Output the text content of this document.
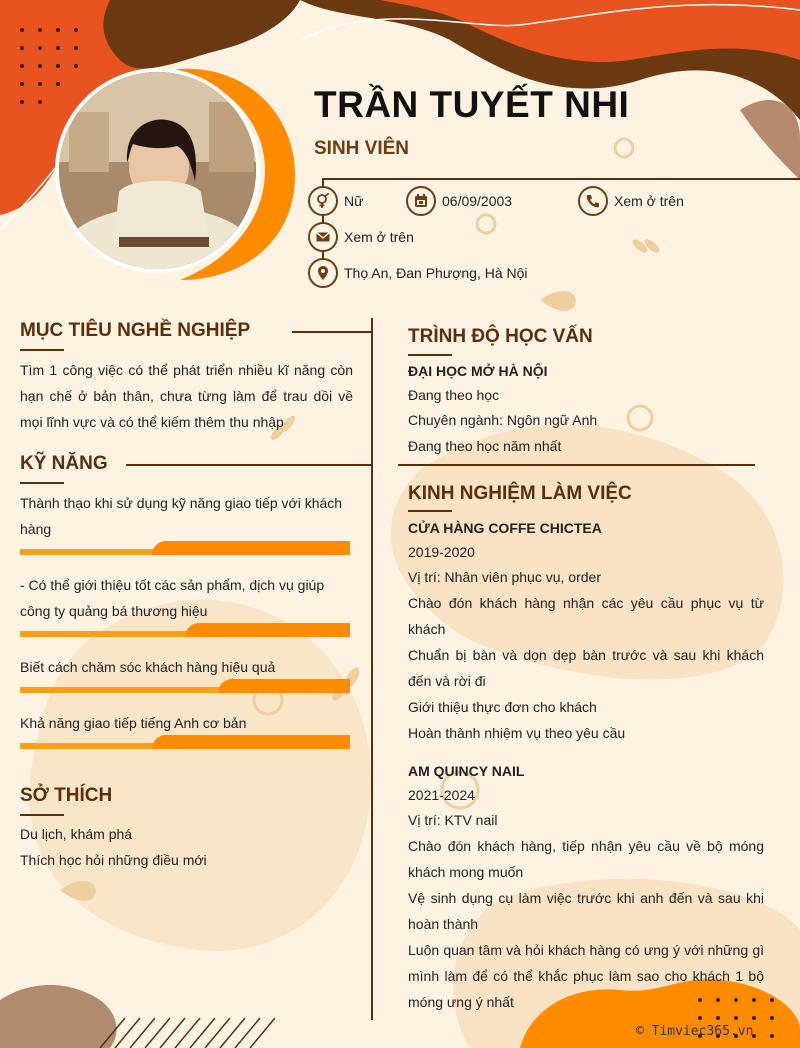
TRẦN TUYẾT NHI
SINH VIÊN
Nữ	06/09/2003	Xem ở trên
Xem ở trên
Thọ An, Đan Phượng, Hà Nội
MỤC TIÊU NGHỀ NGHIỆP
Tìm 1 công việc có thể phát triển nhiều kĩ năng còn hạn chế ở bản thân, chưa từng làm để trau dồi về mọi lĩnh vực và có thể kiếm thêm thu nhập
KỸ NĂNG
Thành thạo khi sử dụng kỹ năng giao tiếp với khách hàng
- Có thể giới thiệu tốt các sản phẩm, dịch vụ giúp công ty quảng bá thương hiệu
Biết cách chăm sóc khách hàng hiệu quả
Khả năng giao tiếp tiếng Anh cơ bản
SỞ THÍCH
Du lịch, khám phá
Thích học hỏi những điều mới
TRÌNH ĐỘ HỌC VẤN
ĐẠI HỌC MỞ HÀ NỘI
Đang theo học
Chuyên ngành: Ngôn ngữ Anh
Đang theo học năm nhất
KINH NGHIỆM LÀM VIỆC
CỬA HÀNG COFFE CHICTEA
2019-2020
Vị trí: Nhân viên phục vụ, order
Chào đón khách hàng nhận các yêu cầu phục vụ từ khách
Chuẩn bị bàn và dọn dẹp bàn trước và sau khi khách đến và rời đi
Giới thiệu thực đơn cho khách
Hoàn thành nhiệm vụ theo yêu cầu
AM QUINCY NAIL
2021-2024
Vị trí: KTV nail
Chào đón khách hàng, tiếp nhận yêu cầu về bộ móng khách mong muốn
Vệ sinh dụng cụ làm việc trước khi anh đến và sau khi hoàn thành
Luôn quan tâm và hỏi khách hàng có ưng ý với những gì mình làm để có thể khắc phục làm sao cho khách 1 bộ móng ưng ý nhất
© Timviec365.vn
